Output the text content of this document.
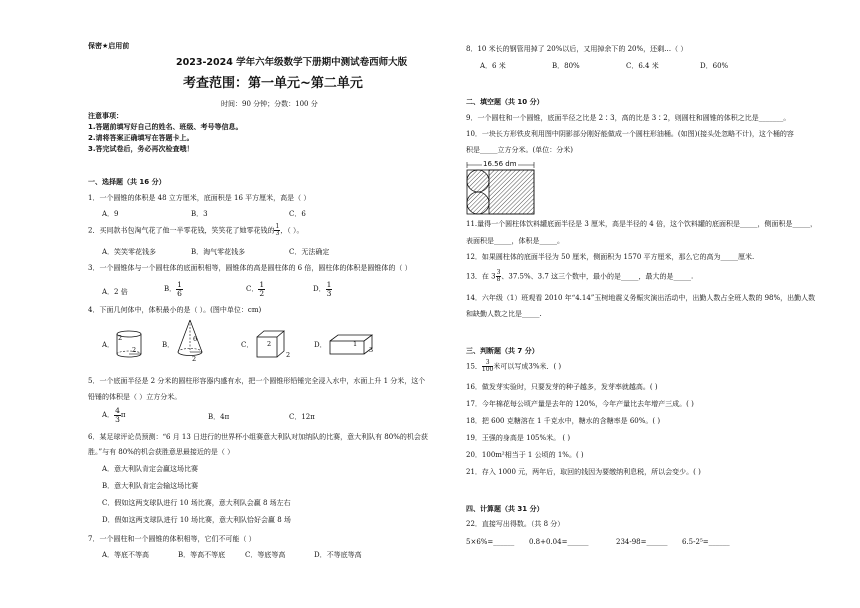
保密★启用前
2023-2024 学年六年级数学下册期中测试卷西师大版
考查范围：第一单元~第二单元
时间：90 分钟；分数：100 分
注意事项：
1.答题前填写好自己的姓名、班级、考号等信息。
2.请将答案正确填写在答题卡上。
3.答完试卷后，务必再次检查哦！
一、选择题（共 16 分）
1．一个圆锥的体积是 48 立方厘米，底面积是 16 平方厘米，高是（ ）
A．9	B．3	C．6
2．买同款书包淘气花了他一半零花钱，笑笑花了她零花钱的 $\frac{1}{3}$ ，（ ）。
A．笑笑零花钱多	B．淘气零花钱多	C．无法确定
3．一个圆锥体与一个圆柱体的底面积相等，圆锥体的高是圆柱体的 6 倍，圆柱体的体积是圆锥体的（ ）
A．2 倍	B． $\frac{1}{6}$	C． $\frac{1}{2}$	D． $\frac{1}{3}$
4．下面几何体中，体积最小的是（ ）。(图中单位：cm)
A．	B．	C．	D．
2
2
6
2
2
2
1
3
5．一个底面半径是 2 分米的圆柱形容器内盛有水，把一个圆锥形铅锤完全浸入水中，水面上升 1 分米，这个
铅锤的体积是（ ）立方分米。
A． $\frac{4}{3}$ π	B．4π	C．12π
6．某足球评论员预测：“6 月 13 日进行的世界杯小组赛意大利队对加纳队的比赛，意大利队有 80%的机会获
胜。”与有 80%的机会获胜意思最接近的是（ ）
A．意大利队肯定会赢这场比赛
B．意大利队肯定会输这场比赛
C．假如这两支球队进行 10 场比赛，意大利队会赢 8 场左右
D．假如这两支球队进行 10 场比赛，意大利队恰好会赢 8 场
7．一个圆柱和一个圆锥的体积相等，它们不可能（ ）
A．等底不等高	B．等高不等底	C．等底等高	D．不等底等高
8．10 米长的钢管用掉了 20%以后，又用掉余下的 20%，还剩…（ ）
A．6 米	B．80%	C．6.4 米	D．60%
二、填空题（共 10 分）
9．一个圆柱和一个圆锥，底面半径之比是 2∶3，高的比是 3∶2，则圆柱和圆锥的体积之比是_______。
10．一块长方形铁皮利用图中阴影部分刚好能做成一个圆柱形油桶。(如图)(接头处忽略不计)，这个桶的容
积是_____立方分米。(单位：分米)
16.56 dm
11.量得一个圆柱体饮料罐底面半径是 3 厘米，高是半径的 4 倍，这个饮料罐的底面积是_____，侧面积是_____，
表面积是_____，体积是_____。
12．如果圆柱体的底面半径为 50 厘米，侧面积为 1570 平方厘米，那么它的高为_____厘米.
13．在 $3 \frac{3}{8}$ 、37.5%、3.7 这三个数中，最小的是_____，最大的是_____.
14．六年级（1）班观看 2010 年“4.14”玉树地震义务赈灾演出活动中，出勤人数占全班人数的 98%，出勤人数
和缺勤人数之比是_____.
三、判断题（共 7 分）
15． $\frac{3}{100}$ 米可以写成3%米．( )
16．做发芽实验时，只要发芽的种子越多，发芽率就越高。( )
17．今年棉花每公顷产量是去年的 120%，今年产量比去年增产三成。( )
18．把 600 克糖溶在 1 千克水中，糖水的含糖率是 60%。( )
19．王强的身高是 105%米。 ( )
20．100m²相当于 1 公顷的 1%。( )
21．存入 1000 元，两年后，取回的钱因为要缴纳利息税，所以会变少。( )
四、计算题（共 31 分）
22．直接写出得数。（共 8 分）
5×6%=______ 0.8+0.04=______	234-98=______ 6.5-2⁵=______
